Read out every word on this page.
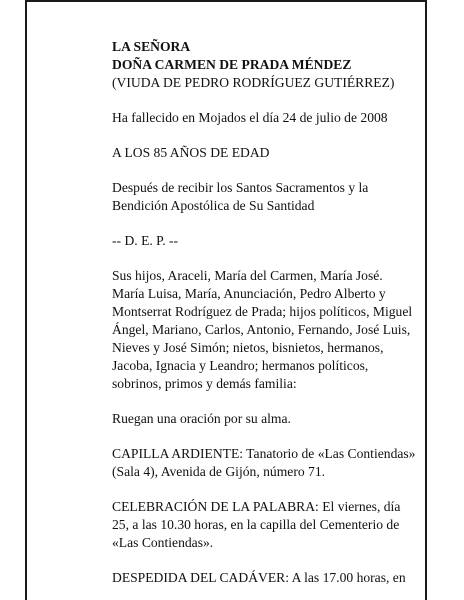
LA SEÑORA
DOÑA CARMEN DE PRADA MÉNDEZ
(VIUDA DE PEDRO RODRÍGUEZ GUTIÉRREZ)

Ha fallecido en Mojados el día 24 de julio de 2008

A LOS 85 AÑOS DE EDAD

Después de recibir los Santos Sacramentos y la
Bendición Apostólica de Su Santidad

-- D. E. P. --

Sus hijos, Araceli, María del Carmen, María José.
María Luisa, María, Anunciación, Pedro Alberto y
Montserrat Rodríguez de Prada; hijos políticos, Miguel
Ángel, Mariano, Carlos, Antonio, Fernando, José Luis,
Nieves y José Simón; nietos, bisnietos, hermanos,
Jacoba, Ignacia y Leandro; hermanos políticos,
sobrinos, primos y demás familia:

Ruegan una oración por su alma.

CAPILLA ARDIENTE: Tanatorio de «Las Contiendas»
(Sala 4), Avenida de Gijón, número 71.

CELEBRACIÓN DE LA PALABRA: El viernes, día
25, a las 10.30 horas, en la capilla del Cementerio de
«Las Contiendas».

DESPEDIDA DEL CADÁVER: A las 17.00 horas, en
